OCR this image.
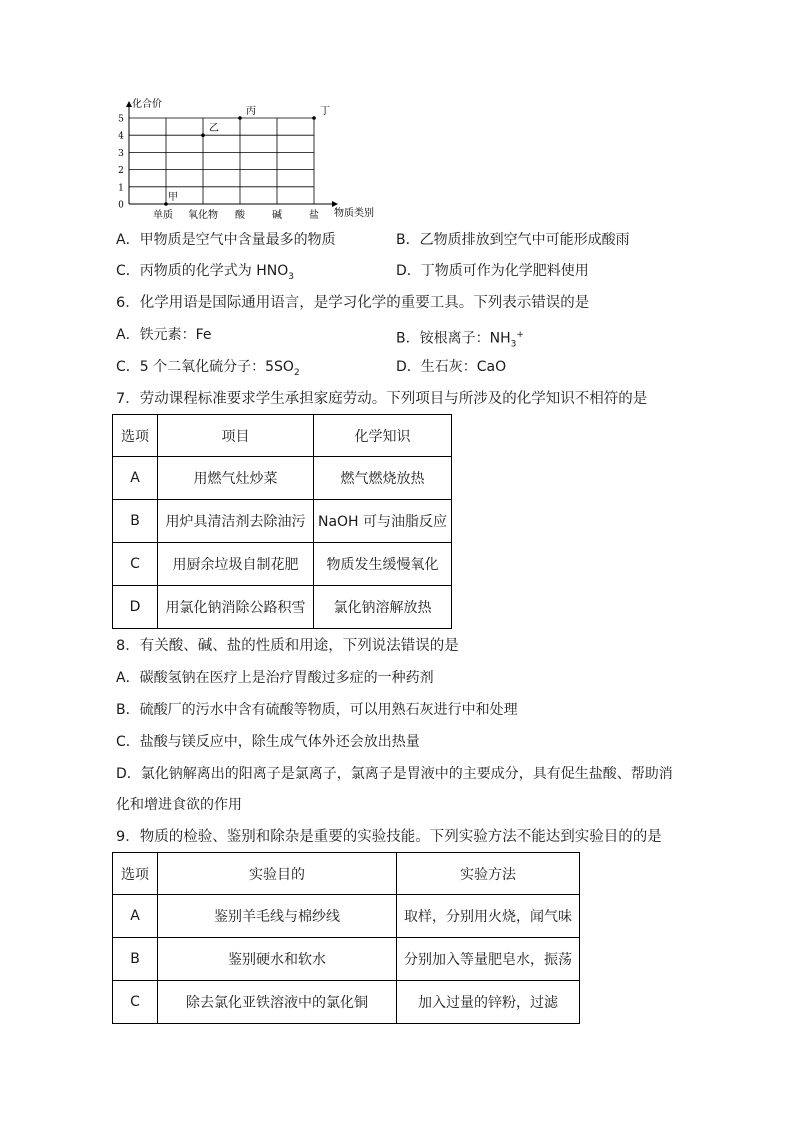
0
1
2
3
4
5
单质 氧化物 酸	碱	盐
甲
乙
丙	丁
化合价
物质类别
A．甲物质是空气中含量最多的物质	B．乙物质排放到空气中可能形成酸雨
C．丙物质的化学式为 $HNO_3$	D．丁物质可作为化学肥料使用
6．化学用语是国际通用语言，是学习化学的重要工具。下列表示错误的是
A．铁元素：Fe	B．铵根离子：$NH_3^+$
C．5 个二氧化硫分子：$5SO_2$	D．生石灰：CaO
7．劳动课程标准要求学生承担家庭劳动。下列项目与所涉及的化学知识不相符的是
选项	项目	化学知识
A	用燃气灶炒菜	燃气燃烧放热
B	用炉具清洁剂去除油污	NaOH 可与油脂反应
C	用厨余垃圾自制花肥	物质发生缓慢氧化
D	用氯化钠消除公路积雪	氯化钠溶解放热
8．有关酸、碱、盐的性质和用途，下列说法错误的是
A．碳酸氢钠在医疗上是治疗胃酸过多症的一种药剂
B．硫酸厂的污水中含有硫酸等物质，可以用熟石灰进行中和处理
C．盐酸与镁反应中，除生成气体外还会放出热量
D．氯化钠解离出的阳离子是氯离子，氯离子是胃液中的主要成分，具有促生盐酸、帮助消
化和增进食欲的作用
9．物质的检验、鉴别和除杂是重要的实验技能。下列实验方法不能达到实验目的的是
选项	实验目的	实验方法
A	鉴别羊毛线与棉纱线	取样，分别用火烧，闻气味
B	鉴别硬水和软水	分别加入等量肥皂水，振荡
C	除去氯化亚铁溶液中的氯化铜	加入过量的锌粉，过滤
